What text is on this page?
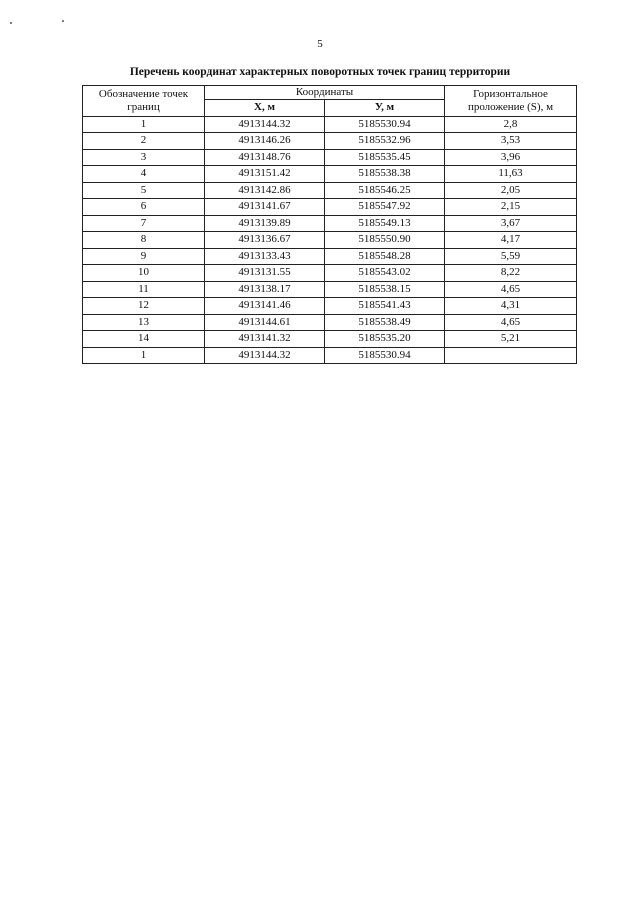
5
Перечень координат характерных поворотных точек границ территории
Обозначение точек границ	Координаты		Горизонтальное проложение (S), м
	X, м	У, м	
1	4913144.32	5185530.94	2,8
2	4913146.26	5185532.96	3,53
3	4913148.76	5185535.45	3,96
4	4913151.42	5185538.38	11,63
5	4913142.86	5185546.25	2,05
6	4913141.67	5185547.92	2,15
7	4913139.89	5185549.13	3,67
8	4913136.67	5185550.90	4,17
9	4913133.43	5185548.28	5,59
10	4913131.55	5185543.02	8,22
11	4913138.17	5185538.15	4,65
12	4913141.46	5185541.43	4,31
13	4913144.61	5185538.49	4,65
14	4913141.32	5185535.20	5,21
1	4913144.32	5185530.94	
